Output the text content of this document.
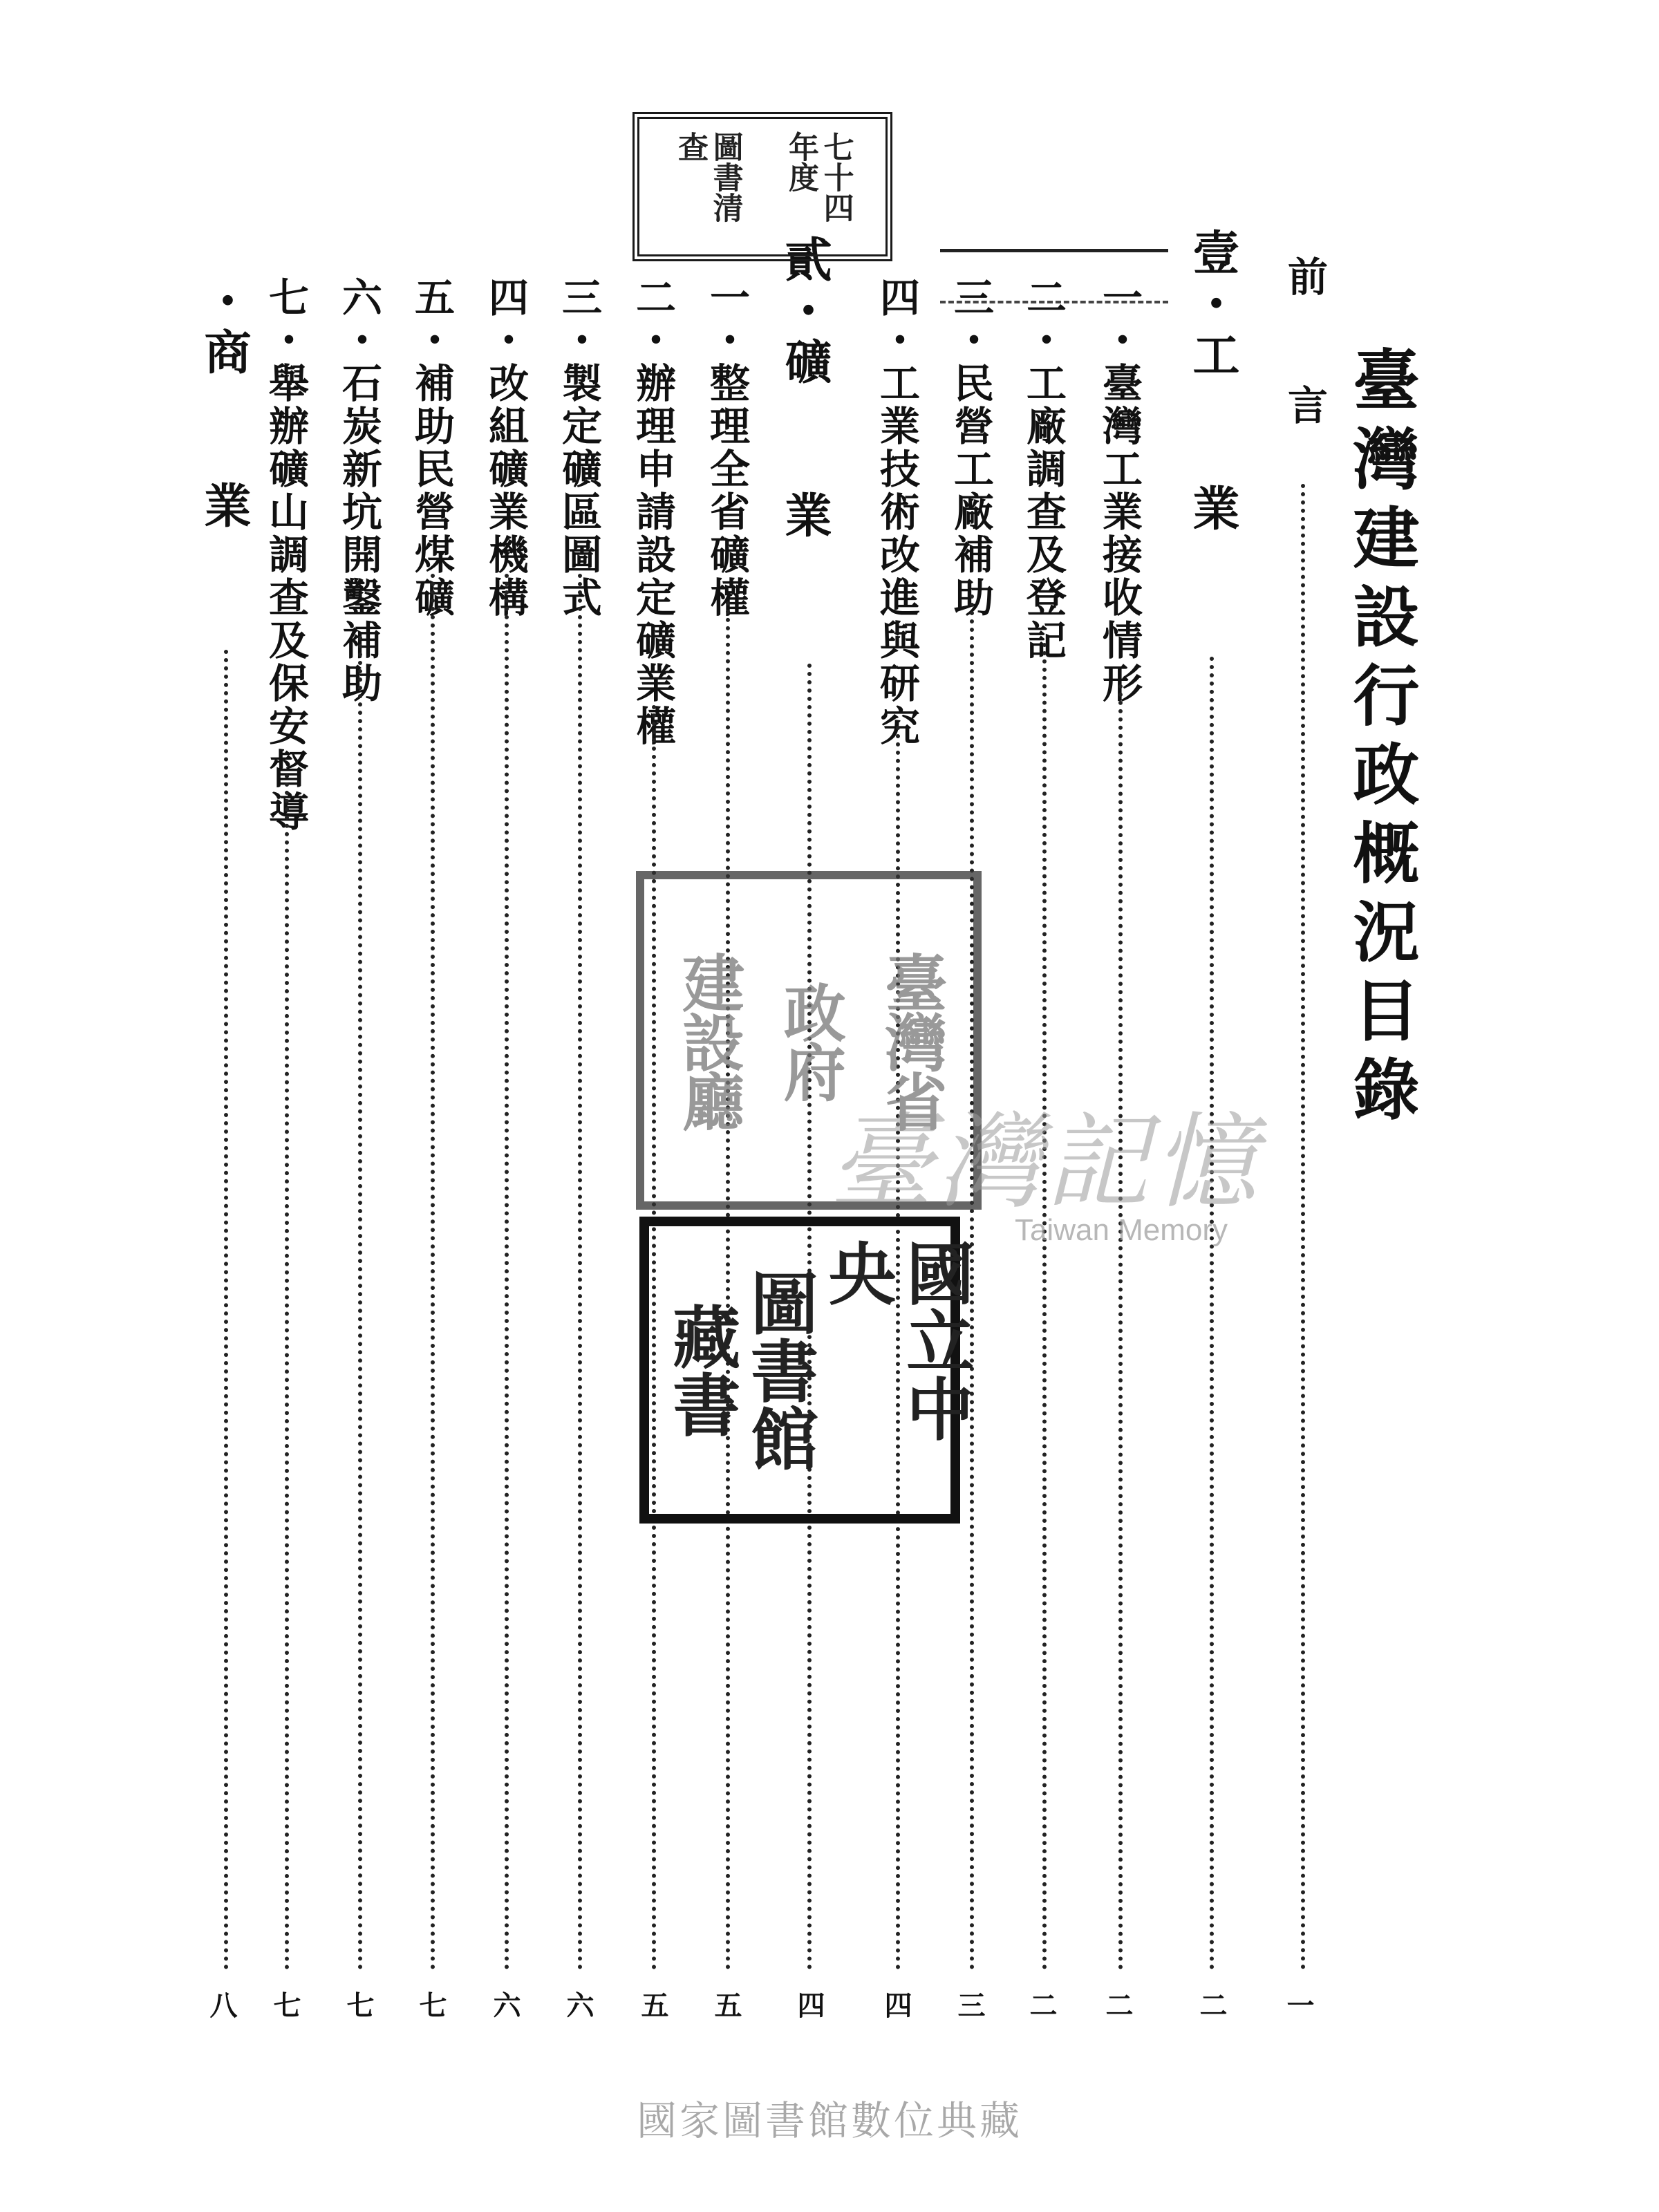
臺灣建設行政概況目錄
前　　言
一
壹・工　　業
二
一・臺灣工業接收情形
二
二・工廠調查及登記
二
三・民營工廠補助
三
四・工業技術改進與研究
四
貳・礦　　業
四
一・整理全省礦權
五
二・辦理申請設定礦業權
五
三・製定礦區圖式
六
四・改組礦業機構
六
五・補助民營煤礦
七
六・石炭新坑開鑿補助
七
七・舉辦礦山調查及保安督導
七
・商　　業
八
七十四年度
圖書清查
臺灣省
政府
建設廳
國立中央
圖書館
藏書
臺灣記憶
Taiwan Memory
國家圖書館數位典藏
